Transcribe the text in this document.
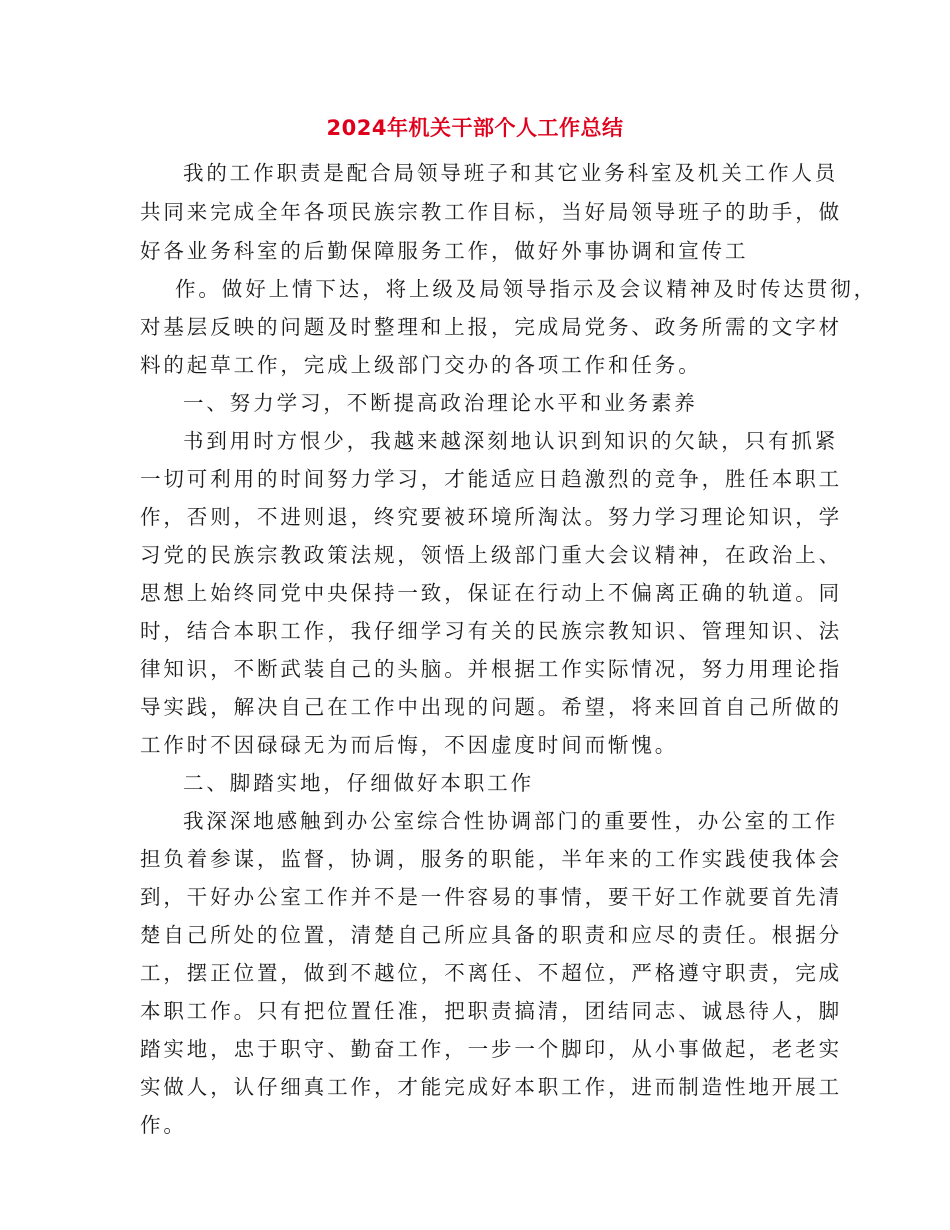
2024年机关干部个人工作总结
我的工作职责是配合局领导班子和其它业务科室及机关工作人员
共同来完成全年各项民族宗教工作目标，当好局领导班子的助手，做
好各业务科室的后勤保障服务工作，做好外事协调和宣传工
作。做好上情下达，将上级及局领导指示及会议精神及时传达贯彻，
对基层反映的问题及时整理和上报，完成局党务、政务所需的文字材
料的起草工作，完成上级部门交办的各项工作和任务。
一、努力学习，不断提高政治理论水平和业务素养
书到用时方恨少，我越来越深刻地认识到知识的欠缺，只有抓紧
一切可利用的时间努力学习，才能适应日趋激烈的竞争，胜任本职工
作，否则，不进则退，终究要被环境所淘汰。努力学习理论知识，学
习党的民族宗教政策法规，领悟上级部门重大会议精神，在政治上、
思想上始终同党中央保持一致，保证在行动上不偏离正确的轨道。同
时，结合本职工作，我仔细学习有关的民族宗教知识、管理知识、法
律知识，不断武装自己的头脑。并根据工作实际情况，努力用理论指
导实践，解决自己在工作中出现的问题。希望，将来回首自己所做的
工作时不因碌碌无为而后悔，不因虚度时间而惭愧。
二、脚踏实地，仔细做好本职工作
我深深地感触到办公室综合性协调部门的重要性，办公室的工作
担负着参谋，监督，协调，服务的职能，半年来的工作实践使我体会
到，干好办公室工作并不是一件容易的事情，要干好工作就要首先清
楚自己所处的位置，清楚自己所应具备的职责和应尽的责任。根据分
工，摆正位置，做到不越位，不离任、不超位，严格遵守职责，完成
本职工作。只有把位置任准，把职责搞清，团结同志、诚恳待人，脚
踏实地，忠于职守、勤奋工作，一步一个脚印，从小事做起，老老实
实做人，认仔细真工作，才能完成好本职工作，进而制造性地开展工
作。
